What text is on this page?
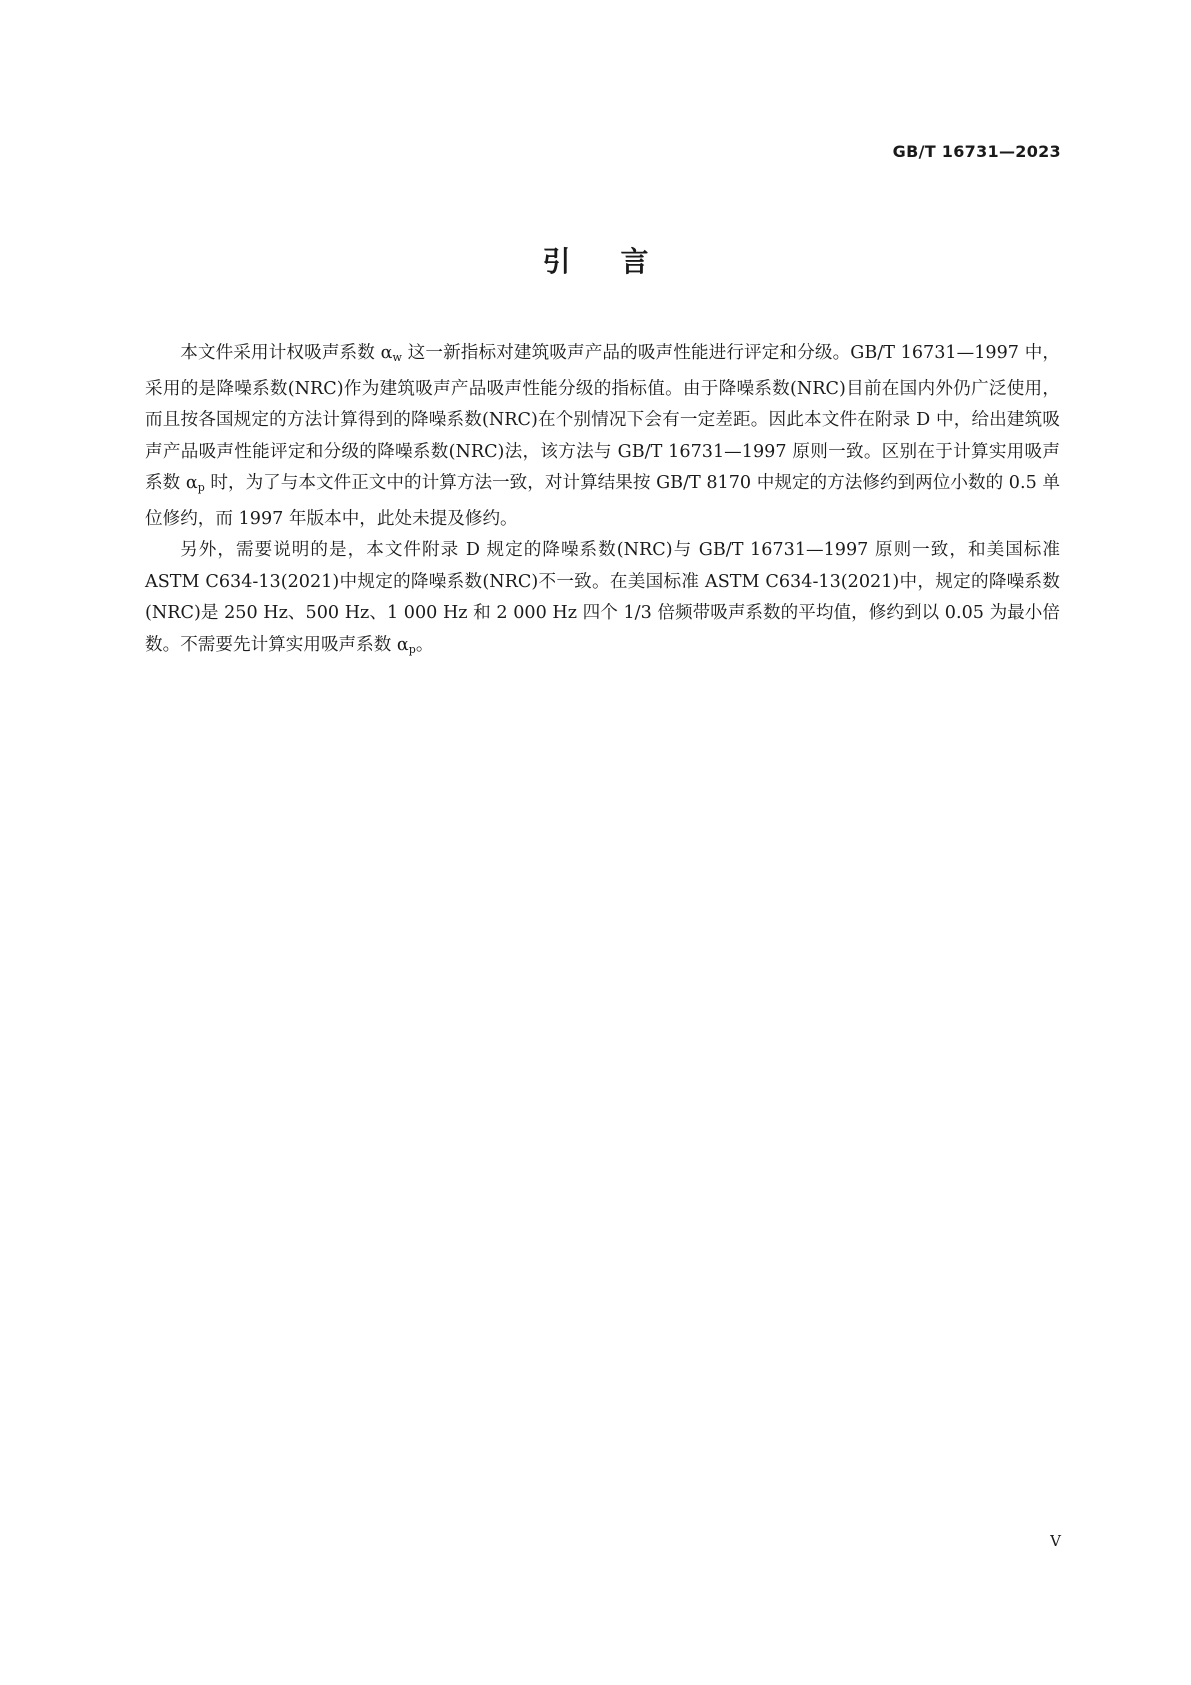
GB/T 16731—2023
引言

本文件采用计权吸声系数 $\alpha_w$ 这一新指标对建筑吸声产品的吸声性能进行评定和分级。GB/T 16731—1997 中，采用的是降噪系数(NRC)作为建筑吸声产品吸声性能分级的指标值。由于降噪系数(NRC)目前在国内外仍广泛使用，而且按各国规定的方法计算得到的降噪系数(NRC)在个别情况下会有一定差距。因此本文件在附录 D 中，给出建筑吸声产品吸声性能评定和分级的降噪系数(NRC)法，该方法与 GB/T 16731—1997 原则一致。区别在于计算实用吸声系数 $\alpha_p$ 时，为了与本文件正文中的计算方法一致，对计算结果按 GB/T 8170 中规定的方法修约到两位小数的 0.5 单位修约，而 1997 年版本中，此处未提及修约。

另外，需要说明的是，本文件附录 D 规定的降噪系数(NRC)与 GB/T 16731—1997 原则一致，和美国标准 ASTM C634-13(2021)中规定的降噪系数(NRC)不一致。在美国标准 ASTM C634-13(2021)中，规定的降噪系数(NRC)是 250 Hz、500 Hz、1 000 Hz 和 2 000 Hz 四个 1/3 倍频带吸声系数的平均值，修约到以 0.05 为最小倍数。不需要先计算实用吸声系数 $\alpha_p$。

V
